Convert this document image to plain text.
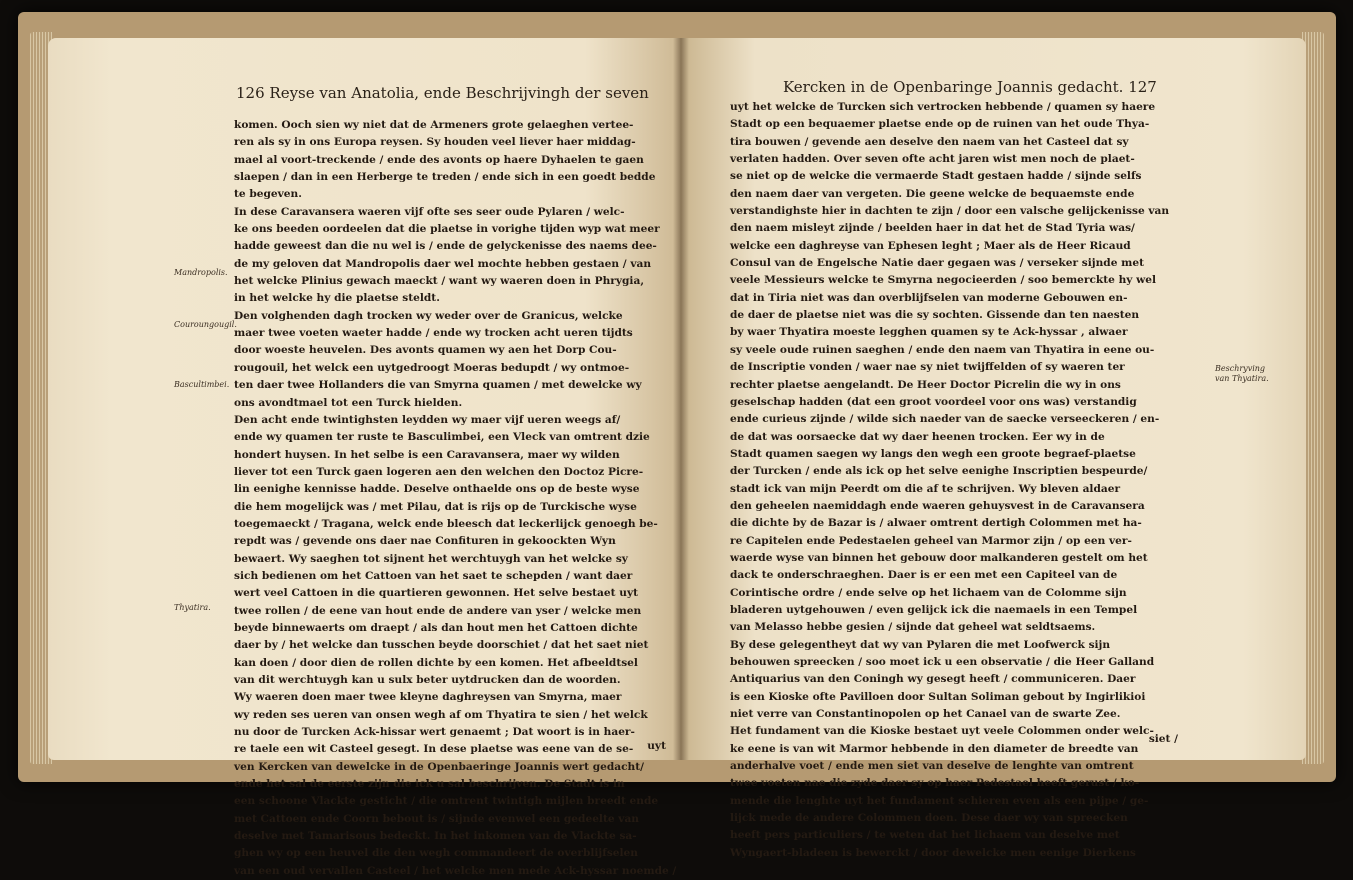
126 Reyse van Anatolia, ende Beschrijvingh der seven
Mandropolis.
Couroungougil.
Bascultimbei.
Thyatira.
komen. Ooch sien wy niet dat de Armeners grote gelaeghen vertee-
ren als sy in ons Europa reysen. Sy houden veel liever haer middag-
mael al voort-treckende / ende des avonts op haere Dyhaelen te gaen
slaepen / dan in een Herberge te treden / ende sich in een goedt bedde
te begeven.
In dese Caravansera waeren vijf ofte ses seer oude Pylaren / welc-
ke ons beeden oordeelen dat die plaetse in vorighe tijden wyp wat meer
hadde geweest dan die nu wel is / ende de gelyckenisse des naems dee-
de my geloven dat Mandropolis daer wel mochte hebben gestaen / van
het welcke Plinius gewach maeckt / want wy waeren doen in Phrygia,
in het welcke hy die plaetse steldt.
Den volghenden dagh trocken wy weder over de Granicus, welcke
maer twee voeten waeter hadde / ende wy trocken acht ueren tijdts
door woeste heuvelen. Des avonts quamen wy aen het Dorp Cou-
rougouil, het welck een uytgedroogt Moeras bedupdt / wy ontmoe-
ten daer twee Hollanders die van Smyrna quamen / met dewelcke wy
ons avondtmael tot een Turck hielden.
Den acht ende twintighsten leydden wy maer vijf ueren weegs af/
ende wy quamen ter ruste te Basculimbei, een Vleck van omtrent dzie
hondert huysen. In het selbe is een Caravansera, maer wy wilden
liever tot een Turck gaen logeren aen den welchen den Doctoz Picre-
lin eenighe kennisse hadde. Deselve onthaelde ons op de beste wyse
die hem mogelijck was / met Pilau, dat is rijs op de Turckische wyse
toegemaeckt / Tragana, welck ende bleesch dat leckerlijck genoegh be-
repdt was / gevende ons daer nae Confituren in gekoockten Wyn
bewaert. Wy saeghen tot sijnent het werchtuygh van het welcke sy
sich bedienen om het Cattoen van het saet te schepden / want daer
wert veel Cattoen in die quartieren gewonnen. Het selve bestaet uyt
twee rollen / de eene van hout ende de andere van yser / welcke men
beyde binnewaerts om draept / als dan hout men het Cattoen dichte
daer by / het welcke dan tusschen beyde doorschiet / dat het saet niet
kan doen / door dien de rollen dichte by een komen. Het afbeeldtsel
van dit werchtuygh kan u sulx beter uytdrucken dan de woorden.
Wy waeren doen maer twee kleyne daghreysen van Smyrna, maer
wy reden ses ueren van onsen wegh af om Thyatira te sien / het welck
nu door de Turcken Ack-hissar wert genaemt ; Dat woort is in haer-
re taele een wit Casteel gesegt. In dese plaetse was eene van de se-
ven Kercken van dewelcke in de Openbaeringe Joannis wert gedacht/
ende het sal de eerste zijn die ick u sal beschrijven. De Stadt is in
een schoone Vlackte gesticht / die omtrent twintigh mijlen breedt ende
met Cattoen ende Coorn bebout is / sijnde evenwel een gedeelte van
deselve met Tamarisous bedeckt. In het inkomen van de Vlackte sa-
ghen wy op een heuvel die den wegh commandeert de overblijfselen
van een oud vervallen Casteel / het welcke men mede Ack-hyssar noemde /
uyt
Kercken in de Openbaringe Joannis gedacht. 127
Beschryving
van Thyatira.
uyt het welcke de Turcken sich vertrocken hebbende / quamen sy haere
Stadt op een bequaemer plaetse ende op de ruinen van het oude Thya-
tira bouwen / gevende aen deselve den naem van het Casteel dat sy
verlaten hadden. Over seven ofte acht jaren wist men noch de plaet-
se niet op de welcke die vermaerde Stadt gestaen hadde / sijnde selfs
den naem daer van vergeten. Die geene welcke de bequaemste ende
verstandighste hier in dachten te zijn / door een valsche gelijckenisse van
den naem misleyt zijnde / beelden haer in dat het de Stad Tyria was/
welcke een daghreyse van Ephesen leght ; Maer als de Heer Ricaud
Consul van de Engelsche Natie daer gegaen was / verseker sijnde met
veele Messieurs welcke te Smyrna negocieerden / soo bemerckte hy wel
dat in Tiria niet was dan overblijfselen van moderne Gebouwen en-
de daer de plaetse niet was die sy sochten. Gissende dan ten naesten
by waer Thyatira moeste legghen quamen sy te Ack-hyssar , alwaer
sy veele oude ruinen saeghen / ende den naem van Thyatira in eene ou-
de Inscriptie vonden / waer nae sy niet twijffelden of sy waeren ter
rechter plaetse aengelandt. De Heer Doctor Picrelin die wy in ons
geselschap hadden (dat een groot voordeel voor ons was) verstandig
ende curieus zijnde / wilde sich naeder van de saecke verseeckeren / en-
de dat was oorsaecke dat wy daer heenen trocken. Eer wy in de
Stadt quamen saegen wy langs den wegh een groote begraef-plaetse
der Turcken / ende als ick op het selve eenighe Inscriptien bespeurde/
stadt ick van mijn Peerdt om die af te schrijven. Wy bleven aldaer
den geheelen naemiddagh ende waeren gehuysvest in de Caravansera
die dichte by de Bazar is / alwaer omtrent dertigh Colommen met ha-
re Capitelen ende Pedestaelen geheel van Marmor zijn / op een ver-
waerde wyse van binnen het gebouw door malkanderen gestelt om het
dack te onderschraeghen. Daer is er een met een Capiteel van de
Corintische ordre / ende selve op het lichaem van de Colomme sijn
bladeren uytgehouwen / even gelijck ick die naemaels in een Tempel
van Melasso hebbe gesien / sijnde dat geheel wat seldtsaems.
By dese gelegentheyt dat wy van Pylaren die met Loofwerck sijn
behouwen spreecken / soo moet ick u een observatie / die Heer Galland
Antiquarius van den Coningh wy gesegt heeft / communiceren. Daer
is een Kioske ofte Pavilloen door Sultan Soliman gebout by Ingirlikioi
niet verre van Constantinopolen op het Canael van de swarte Zee.
Het fundament van die Kioske bestaet uyt veele Colommen onder welc-
ke eene is van wit Marmor hebbende in den diameter de breedte van
anderhalve voet / ende men siet van deselve de lenghte van omtrent
twee voeten nae die zyde daer sy op haer Pedestael heeft gerust / ko-
mende die lenghte uyt het fundament schieren even als een pijpe / ge-
lijck mede de andere Colommen doen. Dese daer wy van spreecken
heeft pers particuliers / te weten dat het lichaem van deselve met
Wyngaert-bladeen is bewerckt / door dewelcke men eenige Dierkens
siet /
